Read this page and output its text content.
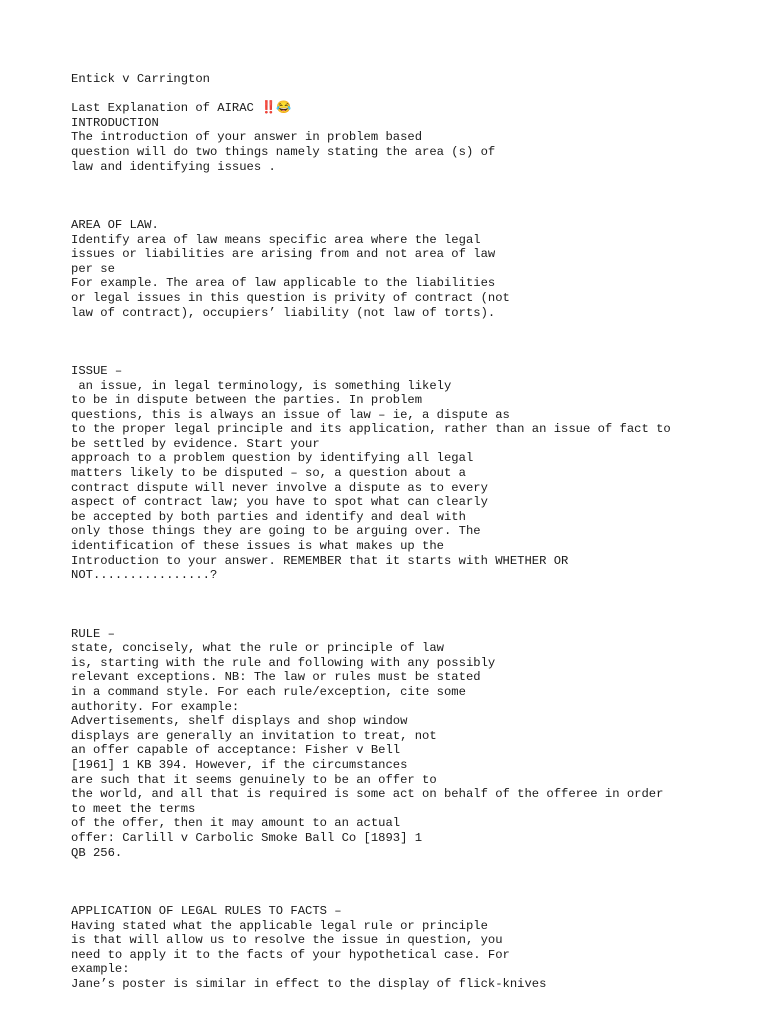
Entick v Carrington
Last Explanation of AIRAC ‼️😂
INTRODUCTION
The introduction of your answer in problem based
question will do two things namely stating the area (s) of
law and identifying issues .
AREA OF LAW.
Identify area of law means specific area where the legal
issues or liabilities are arising from and not area of law
per se
For example. The area of law applicable to the liabilities
or legal issues in this question is privity of contract (not
law of contract), occupiers’ liability (not law of torts).
ISSUE –
an issue, in legal terminology, is something likely
to be in dispute between the parties. In problem
questions, this is always an issue of law – ie, a dispute as
to the proper legal principle and its application, rather than an issue of fact to
be settled by evidence. Start your
approach to a problem question by identifying all legal
matters likely to be disputed – so, a question about a
contract dispute will never involve a dispute as to every
aspect of contract law; you have to spot what can clearly
be accepted by both parties and identify and deal with
only those things they are going to be arguing over. The
identification of these issues is what makes up the
Introduction to your answer. REMEMBER that it starts with WHETHER OR
NOT................?
RULE –
state, concisely, what the rule or principle of law
is, starting with the rule and following with any possibly
relevant exceptions. NB: The law or rules must be stated
in a command style. For each rule/exception, cite some
authority. For example:
Advertisements, shelf displays and shop window
displays are generally an invitation to treat, not
an offer capable of acceptance: Fisher v Bell
[1961] 1 KB 394. However, if the circumstances
are such that it seems genuinely to be an offer to
the world, and all that is required is some act on behalf of the offeree in order
to meet the terms
of the offer, then it may amount to an actual
offer: Carlill v Carbolic Smoke Ball Co [1893] 1
QB 256.
APPLICATION OF LEGAL RULES TO FACTS –
Having stated what the applicable legal rule or principle
is that will allow us to resolve the issue in question, you
need to apply it to the facts of your hypothetical case. For
example:
Jane’s poster is similar in effect to the display of flick-knives
